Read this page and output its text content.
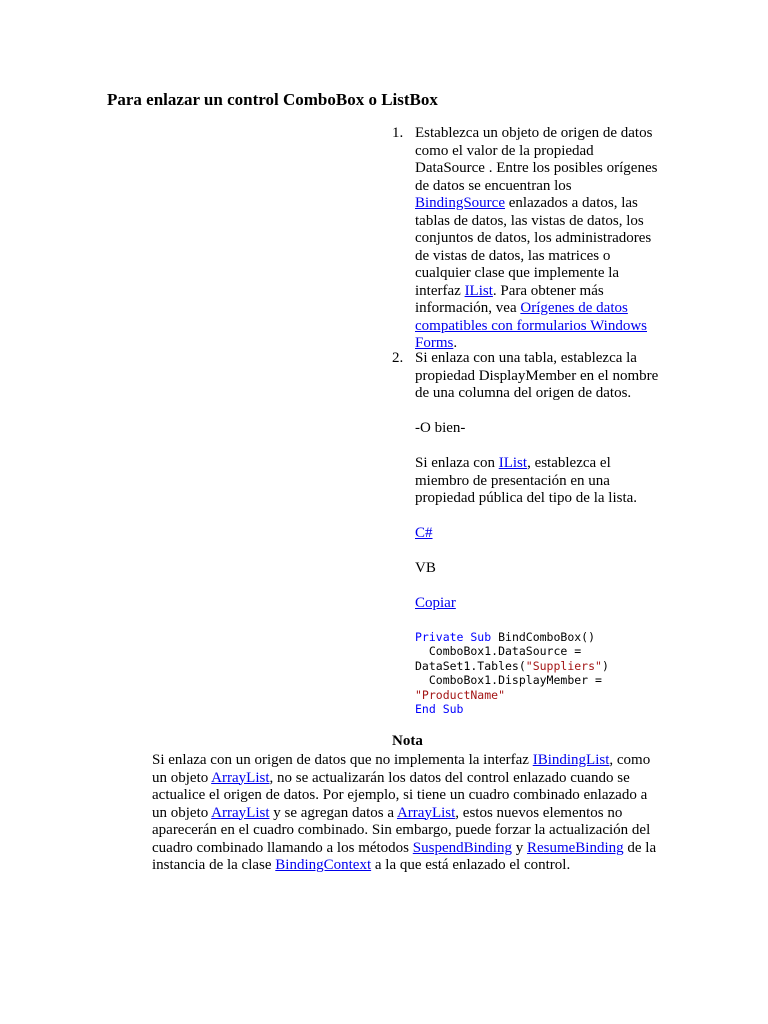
Para enlazar un control ComboBox o ListBox
1. Establezca un objeto de origen de datos como el valor de la propiedad DataSource . Entre los posibles orígenes de datos se encuentran los BindingSource enlazados a datos, las tablas de datos, las vistas de datos, los conjuntos de datos, los administradores de vistas de datos, las matrices o cualquier clase que implemente la interfaz IList. Para obtener más información, vea Orígenes de datos compatibles con formularios Windows Forms.
2. Si enlaza con una tabla, establezca la propiedad DisplayMember en el nombre de una columna del origen de datos.

-O bien-

Si enlaza con IList, establezca el miembro de presentación en una propiedad pública del tipo de la lista.

C#

VB

Copiar

Private Sub BindComboBox()
ComboBox1.DataSource =
DataSet1.Tables("Suppliers")
ComboBox1.DisplayMember =
"ProductName"
End Sub
Nota
Si enlaza con un origen de datos que no implementa la interfaz IBindingList, como un objeto ArrayList, no se actualizarán los datos del control enlazado cuando se actualice el origen de datos. Por ejemplo, si tiene un cuadro combinado enlazado a un objeto ArrayList y se agregan datos a ArrayList, estos nuevos elementos no aparecerán en el cuadro combinado. Sin embargo, puede forzar la actualización del cuadro combinado llamando a los métodos SuspendBinding y ResumeBinding de la instancia de la clase BindingContext a la que está enlazado el control.
